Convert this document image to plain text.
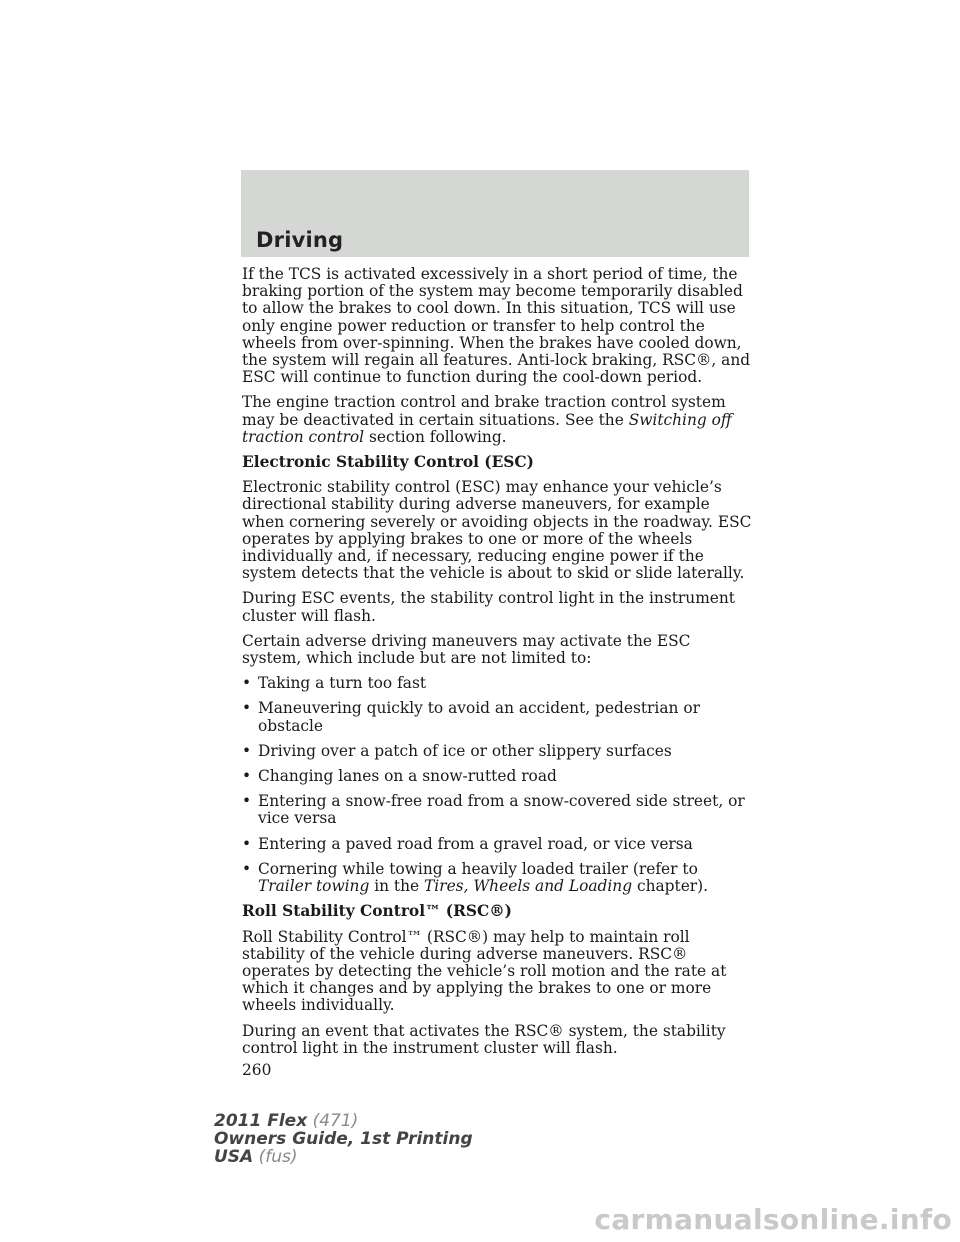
Driving

If the TCS is activated excessively in a short period of time, the braking portion of the system may become temporarily disabled to allow the brakes to cool down. In this situation, TCS will use only engine power reduction or transfer to help control the wheels from over-spinning. When the brakes have cooled down, the system will regain all features. Anti-lock braking, RSC®, and ESC will continue to function during the cool-down period.

The engine traction control and brake traction control system may be deactivated in certain situations. See the Switching off traction control section following.

Electronic Stability Control (ESC)

Electronic stability control (ESC) may enhance your vehicle’s directional stability during adverse maneuvers, for example when cornering severely or avoiding objects in the roadway. ESC operates by applying brakes to one or more of the wheels individually and, if necessary, reducing engine power if the system detects that the vehicle is about to skid or slide laterally.

During ESC events, the stability control light in the instrument cluster will flash.

Certain adverse driving maneuvers may activate the ESC system, which include but are not limited to:

• Taking a turn too fast
• Maneuvering quickly to avoid an accident, pedestrian or obstacle
• Driving over a patch of ice or other slippery surfaces
• Changing lanes on a snow-rutted road
• Entering a snow-free road from a snow-covered side street, or vice versa
• Entering a paved road from a gravel road, or vice versa
• Cornering while towing a heavily loaded trailer (refer to Trailer towing in the Tires, Wheels and Loading chapter).

Roll Stability Control™ (RSC®)

Roll Stability Control™ (RSC®) may help to maintain roll stability of the vehicle during adverse maneuvers. RSC® operates by detecting the vehicle’s roll motion and the rate at which it changes and by applying the brakes to one or more wheels individually.

During an event that activates the RSC® system, the stability control light in the instrument cluster will flash.

260
2011 Flex (471)
Owners Guide, 1st Printing
USA (fus)
carmanualsonline.info
